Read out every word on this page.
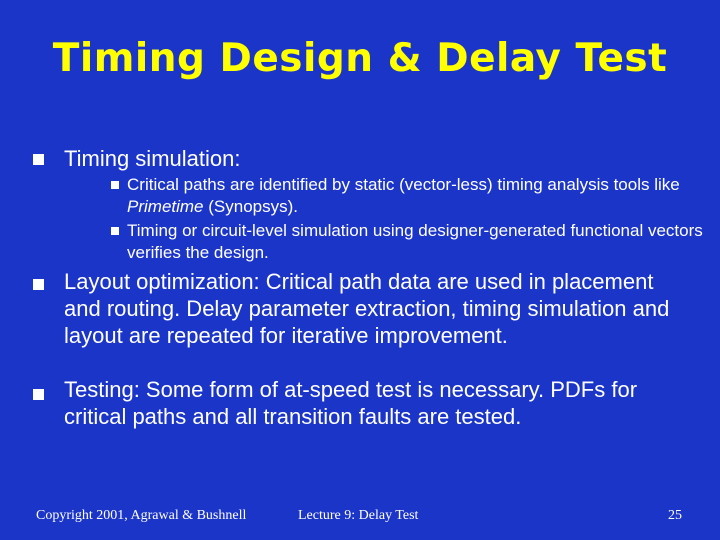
Timing Design & Delay Test
Timing simulation:
Critical paths are identified by static (vector-less) timing analysis tools like Primetime (Synopsys).
Timing or circuit-level simulation using designer-generated functional vectors verifies the design.
Layout optimization: Critical path data are used in placement and routing. Delay parameter extraction, timing simulation and layout are repeated for iterative improvement.
Testing: Some form of at-speed test is necessary. PDFs for critical paths and all transition faults are tested.
Copyright 2001, Agrawal & Bushnell	Lecture 9: Delay Test	25
